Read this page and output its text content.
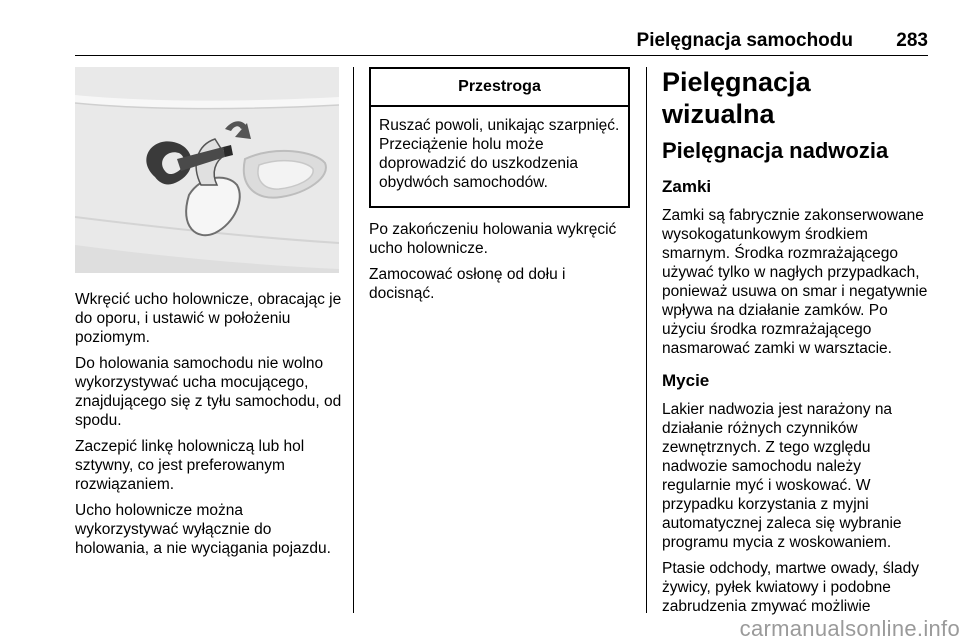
Pielęgnacja samochodu 283

Wkręcić ucho holownicze, obracając je do oporu, i ustawić w położeniu poziomym.

Do holowania samochodu nie wolno wykorzystywać ucha mocującego, znajdującego się z tyłu samochodu, od spodu.

Zaczepić linkę holowniczą lub hol sztywny, co jest preferowanym rozwiązaniem.

Ucho holownicze można wykorzystywać wyłącznie do holowania, a nie wyciągania pojazdu.

Przestroga
Ruszać powoli, unikając szarpnięć. Przeciążenie holu może doprowadzić do uszkodzenia obydwóch samochodów.

Po zakończeniu holowania wykręcić ucho holownicze.

Zamocować osłonę od dołu i docisnąć.

Pielęgnacja wizualna
Pielęgnacja nadwozia
Zamki

Zamki są fabrycznie zakonserwowane wysokogatunkowym środkiem smarnym. Środka rozmrażającego używać tylko w nagłych przypadkach, ponieważ usuwa on smar i negatywnie wpływa na działanie zamków. Po użyciu środka rozmrażającego nasmarować zamki w warsztacie.

Mycie

Lakier nadwozia jest narażony na działanie różnych czynników zewnętrznych. Z tego względu nadwozie samochodu należy regularnie myć i woskować. W przypadku korzystania z myjni automatycznej zaleca się wybranie programu mycia z woskowaniem.

Ptasie odchody, martwe owady, ślady żywicy, pyłek kwiatowy i podobne zabrudzenia zmywać możliwie

carmanualsonline.info
